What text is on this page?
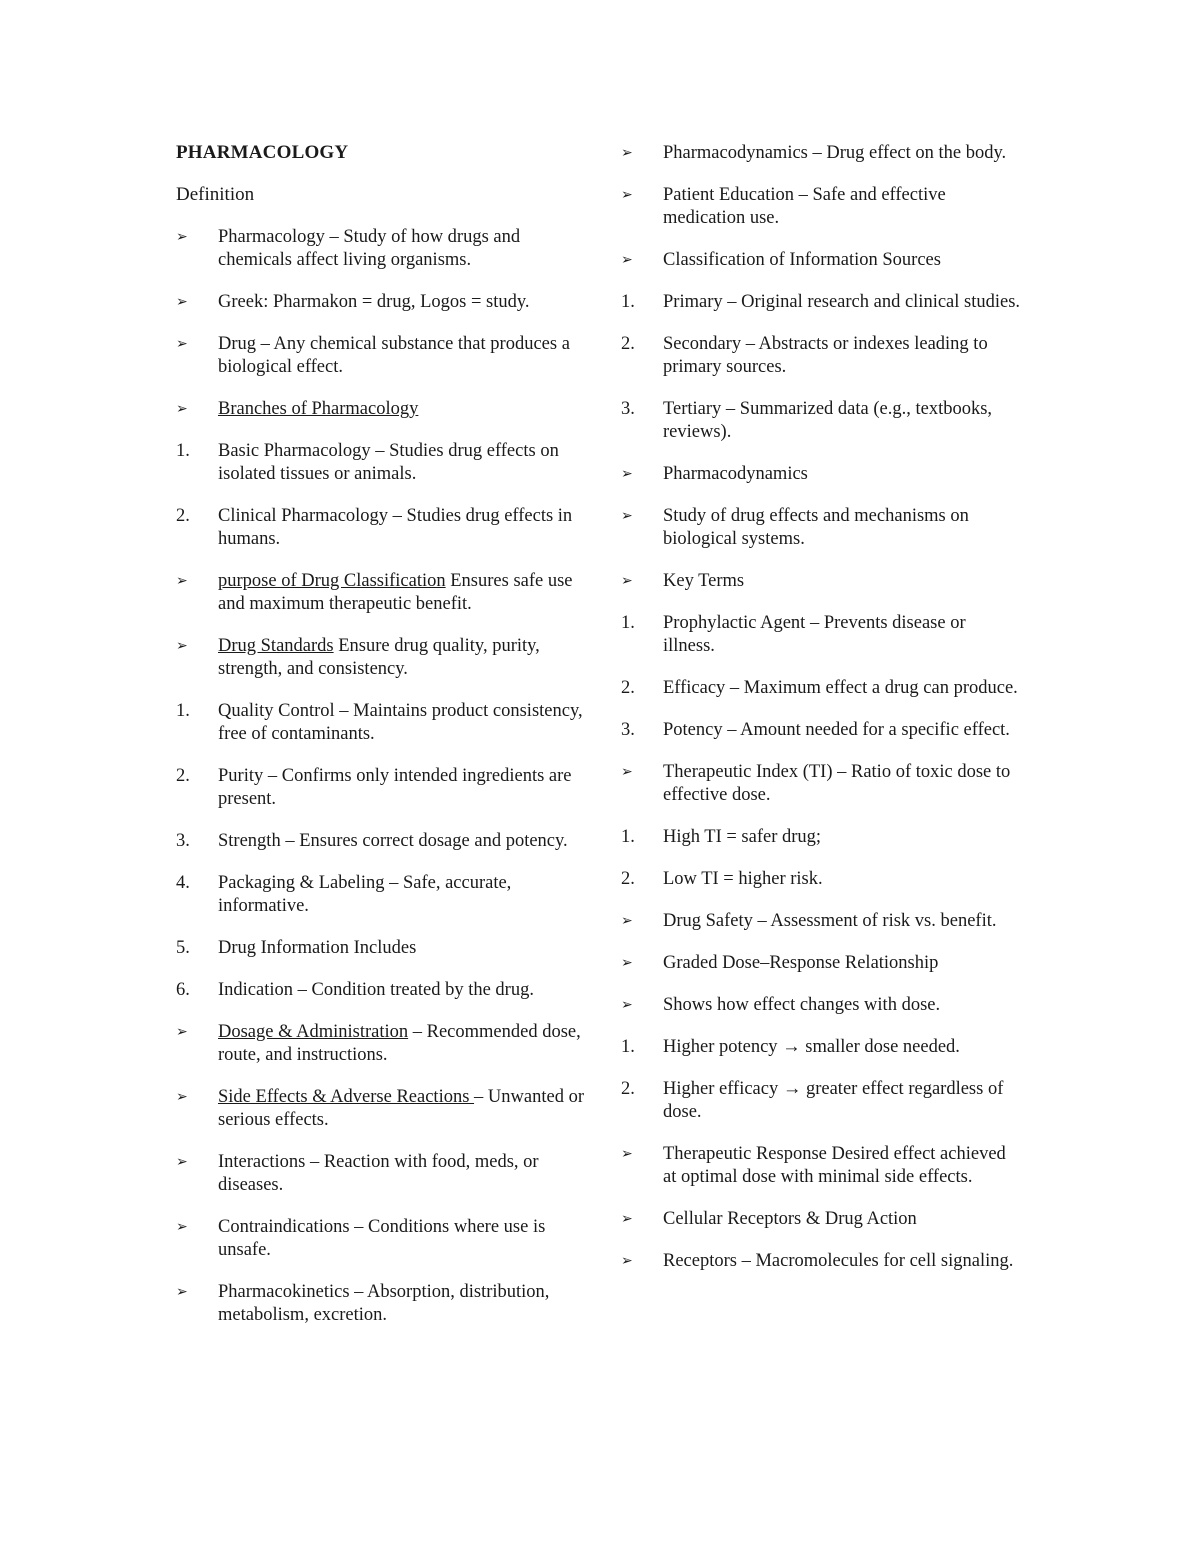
PHARMACOLOGY
Definition
➢	Pharmacology – Study of how drugs and chemicals affect living organisms.
➢	Greek: Pharmakon = drug, Logos = study.
➢	Drug – Any chemical substance that produces a biological effect.
➢	Branches of Pharmacology
1.	Basic Pharmacology – Studies drug effects on isolated tissues or animals.
2.	Clinical Pharmacology – Studies drug effects in humans.
➢	purpose of Drug Classification Ensures safe use and maximum therapeutic benefit.
➢	Drug Standards Ensure drug quality, purity, strength, and consistency.
1.	Quality Control – Maintains product consistency, free of contaminants.
2.	Purity – Confirms only intended ingredients are present.
3.	Strength – Ensures correct dosage and potency.
4.	Packaging & Labeling – Safe, accurate, informative.
5.	Drug Information Includes
6.	Indication – Condition treated by the drug.
➢	Dosage & Administration – Recommended dose, route, and instructions.
➢	Side Effects & Adverse Reactions – Unwanted or serious effects.
➢	Interactions – Reaction with food, meds, or diseases.
➢	Contraindications – Conditions where use is unsafe.
➢	Pharmacokinetics – Absorption, distribution, metabolism, excretion.
➢	Pharmacodynamics – Drug effect on the body.
➢	Patient Education – Safe and effective medication use.
➢	Classification of Information Sources
1.	Primary – Original research and clinical studies.
2.	Secondary – Abstracts or indexes leading to primary sources.
3.	Tertiary – Summarized data (e.g., textbooks, reviews).
➢	Pharmacodynamics
➢	Study of drug effects and mechanisms on biological systems.
➢	Key Terms
1.	Prophylactic Agent – Prevents disease or illness.
2.	Efficacy – Maximum effect a drug can produce.
3.	Potency – Amount needed for a specific effect.
➢	Therapeutic Index (TI) – Ratio of toxic dose to effective dose.
1.	High TI = safer drug;
2.	Low TI = higher risk.
➢	Drug Safety – Assessment of risk vs. benefit.
➢	Graded Dose–Response Relationship
➢	Shows how effect changes with dose.
1.	Higher potency → smaller dose needed.
2.	Higher efficacy → greater effect regardless of dose.
➢	Therapeutic Response Desired effect achieved at optimal dose with minimal side effects.
➢	Cellular Receptors & Drug Action
➢	Receptors – Macromolecules for cell signaling.
